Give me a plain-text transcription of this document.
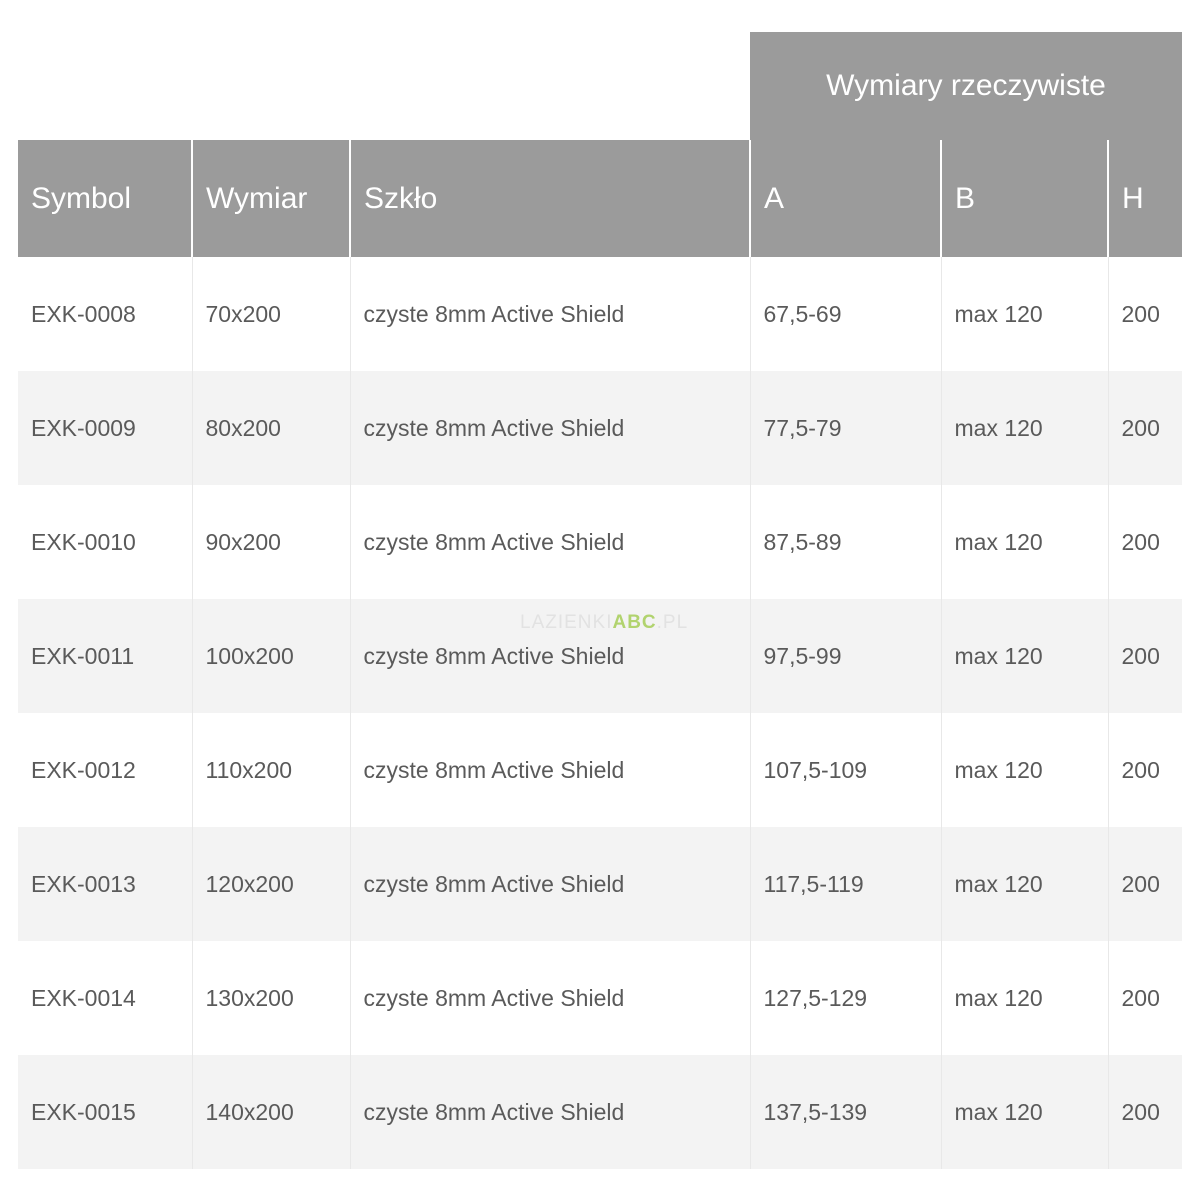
Wymiary rzeczywiste
Symbol	Wymiar	Szkło	A	B	H
EXK-0008	70x200	czyste 8mm Active Shield	67,5-69	max 120	200
EXK-0009	80x200	czyste 8mm Active Shield	77,5-79	max 120	200
EXK-0010	90x200	czyste 8mm Active Shield	87,5-89	max 120	200
EXK-0011	100x200	czyste 8mm Active Shield	97,5-99	max 120	200
EXK-0012	110x200	czyste 8mm Active Shield	107,5-109	max 120	200
EXK-0013	120x200	czyste 8mm Active Shield	117,5-119	max 120	200
EXK-0014	130x200	czyste 8mm Active Shield	127,5-129	max 120	200
EXK-0015	140x200	czyste 8mm Active Shield	137,5-139	max 120	200
ABC
